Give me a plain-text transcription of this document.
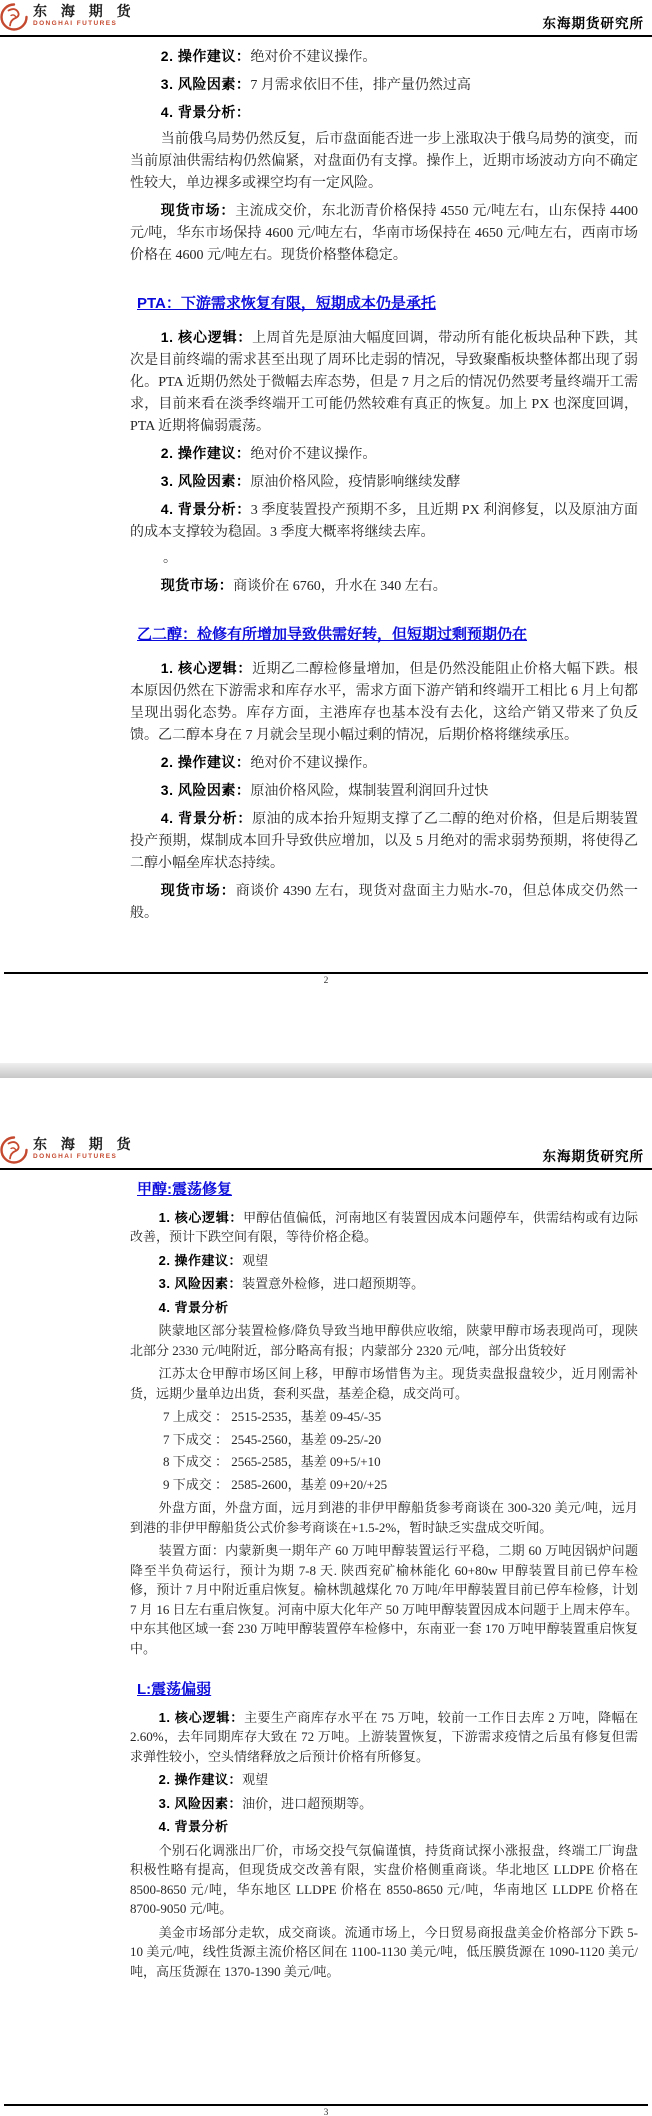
东 海 期 货
DONGHAI FUTURES	东海期货研究所
2. 操作建议：绝对价不建议操作。
3. 风险因素：7 月需求依旧不佳，排产量仍然过高
4. 背景分析：
当前俄乌局势仍然反复，后市盘面能否进一步上涨取决于俄乌局势的演变，而当前原油供需结构仍然偏紧，对盘面仍有支撑。操作上，近期市场波动方向不确定性较大，单边裸多或裸空均有一定风险。
现货市场：主流成交价，东北沥青价格保持 4550 元/吨左右，山东保持 4400 元/吨，华东市场保持 4600 元/吨左右，华南市场保持在 4650 元/吨左右，西南市场价格在 4600 元/吨左右。现货价格整体稳定。
PTA：下游需求恢复有限，短期成本仍是承托
1. 核心逻辑：上周首先是原油大幅度回调，带动所有能化板块品种下跌，其次是目前终端的需求甚至出现了周环比走弱的情况，导致聚酯板块整体都出现了弱化。PTA 近期仍然处于微幅去库态势，但是 7 月之后的情况仍然要考量终端开工需求，目前来看在淡季终端开工可能仍然较难有真正的恢复。加上 PX 也深度回调，PTA 近期将偏弱震荡。
2. 操作建议：绝对价不建议操作。
3. 风险因素：原油价格风险，疫情影响继续发酵
4. 背景分析：3 季度装置投产预期不多，且近期 PX 利润修复，以及原油方面的成本支撑较为稳固。3 季度大概率将继续去库。
。
现货市场：商谈价在 6760，升水在 340 左右。
乙二醇：检修有所增加导致供需好转，但短期过剩预期仍在
1. 核心逻辑：近期乙二醇检修量增加，但是仍然没能阻止价格大幅下跌。根本原因仍然在下游需求和库存水平，需求方面下游产销和终端开工相比 6 月上旬都呈现出弱化态势。库存方面，主港库存也基本没有去化，这给产销又带来了负反馈。乙二醇本身在 7 月就会呈现小幅过剩的情况，后期价格将继续承压。
2. 操作建议：绝对价不建议操作。
3. 风险因素：原油价格风险，煤制装置利润回升过快
4. 背景分析：原油的成本抬升短期支撑了乙二醇的绝对价格，但是后期装置投产预期，煤制成本回升导致供应增加，以及 5 月绝对的需求弱势预期，将使得乙二醇小幅垒库状态持续。
现货市场：商谈价 4390 左右，现货对盘面主力贴水-70，但总体成交仍然一般。
2
东 海 期 货
DONGHAI FUTURES	东海期货研究所
甲醇:震荡修复
1. 核心逻辑：甲醇估值偏低，河南地区有装置因成本问题停车，供需结构或有边际改善，预计下跌空间有限，等待价格企稳。
2. 操作建议：观望
3. 风险因素：装置意外检修，进口超预期等。
4. 背景分析
陕蒙地区部分装置检修/降负导致当地甲醇供应收缩，陕蒙甲醇市场表现尚可，现陕北部分 2330 元/吨附近，部分略高有报；内蒙部分 2320 元/吨，部分出货较好
江苏太仓甲醇市场区间上移，甲醇市场惜售为主。现货卖盘报盘较少，近月刚需补货，远期少量单边出货，套利买盘，基差企稳，成交尚可。
7 上成交 ： 2515-2535，基差 09-45/-35
7 下成交 ： 2545-2560，基差 09-25/-20
8 下成交 ： 2565-2585，基差 09+5/+10
9 下成交 ： 2585-2600，基差 09+20/+25
外盘方面，外盘方面，远月到港的非伊甲醇船货参考商谈在 300-320 美元/吨，远月到港的非伊甲醇船货公式价参考商谈在+1.5-2%，暂时缺乏实盘成交听闻。
装置方面：内蒙新奥一期年产 60 万吨甲醇装置运行平稳，二期 60 万吨因锅炉问题降至半负荷运行，预计为期 7-8 天. 陕西兖矿榆林能化 60+80w 甲醇装置目前已停车检修，预计 7 月中附近重启恢复。榆林凯越煤化 70 万吨/年甲醇装置目前已停车检修，计划 7 月 16 日左右重启恢复。河南中原大化年产 50 万吨甲醇装置因成本问题于上周末停车。中东其他区域一套 230 万吨甲醇装置停车检修中，东南亚一套 170 万吨甲醇装置重启恢复中。
L:震荡偏弱
1. 核心逻辑：主要生产商库存水平在 75 万吨，较前一工作日去库 2 万吨，降幅在 2.60%，去年同期库存大致在 72 万吨。上游装置恢复，下游需求疫情之后虽有修复但需求弹性较小，空头情绪释放之后预计价格有所修复。
2. 操作建议：观望
3. 风险因素：油价，进口超预期等。
4. 背景分析
个别石化调涨出厂价，市场交投气氛偏谨慎，持货商试探小涨报盘，终端工厂询盘积极性略有提高，但现货成交改善有限，实盘价格侧重商谈。华北地区 LLDPE 价格在 8500-8650 元/吨，华东地区 LLDPE 价格在 8550-8650 元/吨，华南地区 LLDPE 价格在 8700-9050 元/吨。
美金市场部分走软，成交商谈。流通市场上，今日贸易商报盘美金价格部分下跌 5-10 美元/吨，线性货源主流价格区间在 1100-1130 美元/吨，低压膜货源在 1090-1120 美元/吨，高压货源在 1370-1390 美元/吨。
3
